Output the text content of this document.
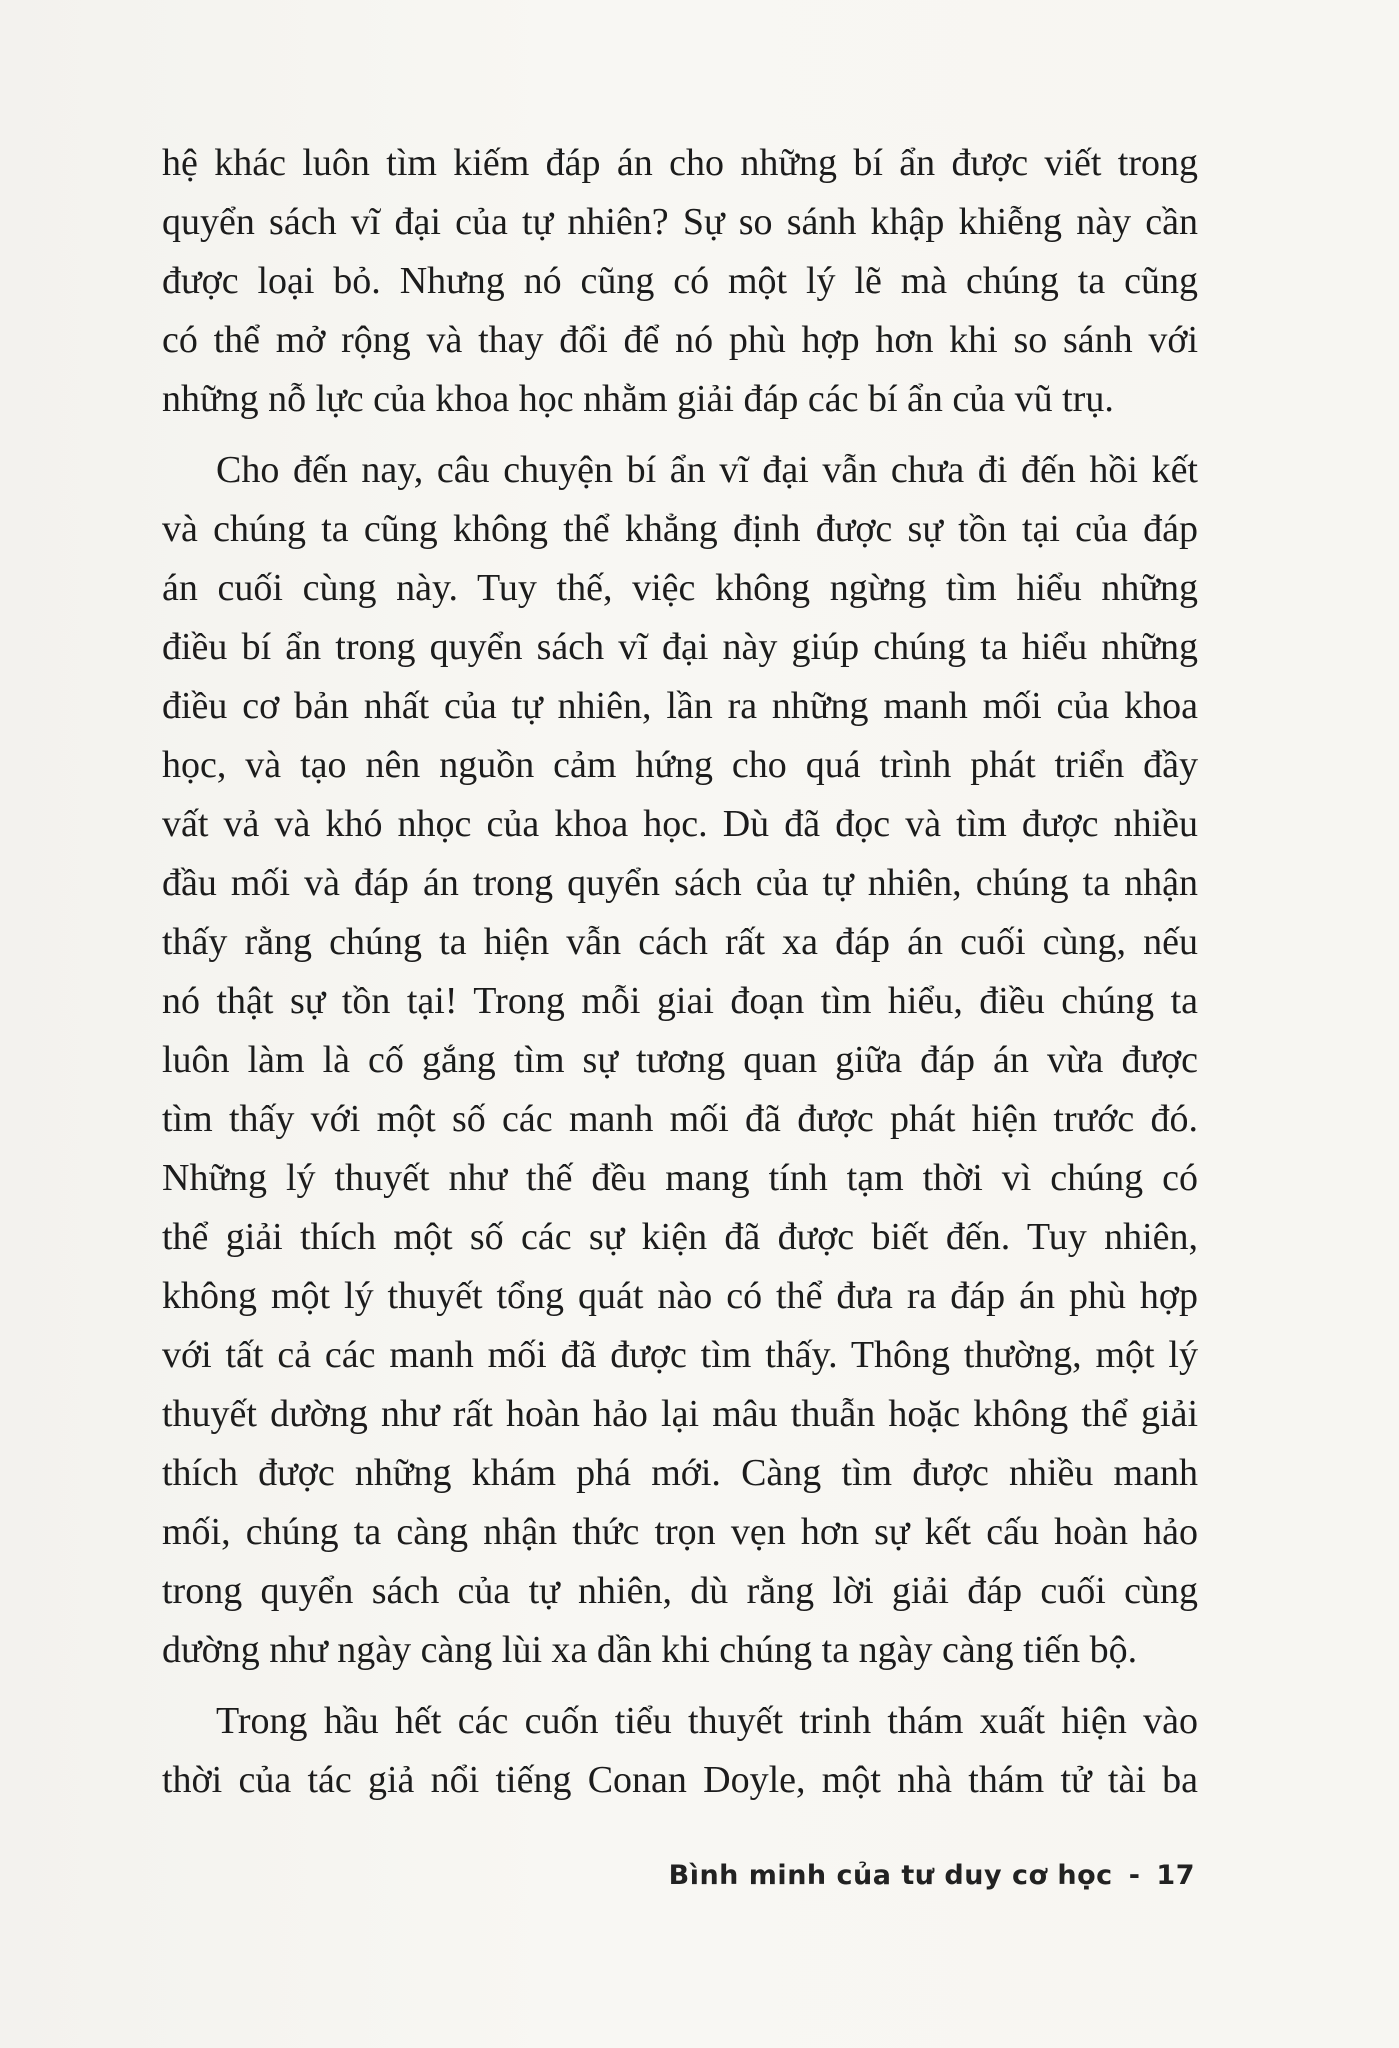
hệ khác luôn tìm kiếm đáp án cho những bí ẩn được viết trong
quyển sách vĩ đại của tự nhiên? Sự so sánh khập khiễng này cần
được loại bỏ. Nhưng nó cũng có một lý lẽ mà chúng ta cũng
có thể mở rộng và thay đổi để nó phù hợp hơn khi so sánh với
những nỗ lực của khoa học nhằm giải đáp các bí ẩn của vũ trụ.
Cho đến nay, câu chuyện bí ẩn vĩ đại vẫn chưa đi đến hồi kết
và chúng ta cũng không thể khẳng định được sự tồn tại của đáp
án cuối cùng này. Tuy thế, việc không ngừng tìm hiểu những
điều bí ẩn trong quyển sách vĩ đại này giúp chúng ta hiểu những
điều cơ bản nhất của tự nhiên, lần ra những manh mối của khoa
học, và tạo nên nguồn cảm hứng cho quá trình phát triển đầy
vất vả và khó nhọc của khoa học. Dù đã đọc và tìm được nhiều
đầu mối và đáp án trong quyển sách của tự nhiên, chúng ta nhận
thấy rằng chúng ta hiện vẫn cách rất xa đáp án cuối cùng, nếu
nó thật sự tồn tại! Trong mỗi giai đoạn tìm hiểu, điều chúng ta
luôn làm là cố gắng tìm sự tương quan giữa đáp án vừa được
tìm thấy với một số các manh mối đã được phát hiện trước đó.
Những lý thuyết như thế đều mang tính tạm thời vì chúng có
thể giải thích một số các sự kiện đã được biết đến. Tuy nhiên,
không một lý thuyết tổng quát nào có thể đưa ra đáp án phù hợp
với tất cả các manh mối đã được tìm thấy. Thông thường, một lý
thuyết dường như rất hoàn hảo lại mâu thuẫn hoặc không thể giải
thích được những khám phá mới. Càng tìm được nhiều manh
mối, chúng ta càng nhận thức trọn vẹn hơn sự kết cấu hoàn hảo
trong quyển sách của tự nhiên, dù rằng lời giải đáp cuối cùng
dường như ngày càng lùi xa dần khi chúng ta ngày càng tiến bộ.
Trong hầu hết các cuốn tiểu thuyết trinh thám xuất hiện vào
thời của tác giả nổi tiếng Conan Doyle, một nhà thám tử tài ba
Bình minh của tư duy cơ học - 17
